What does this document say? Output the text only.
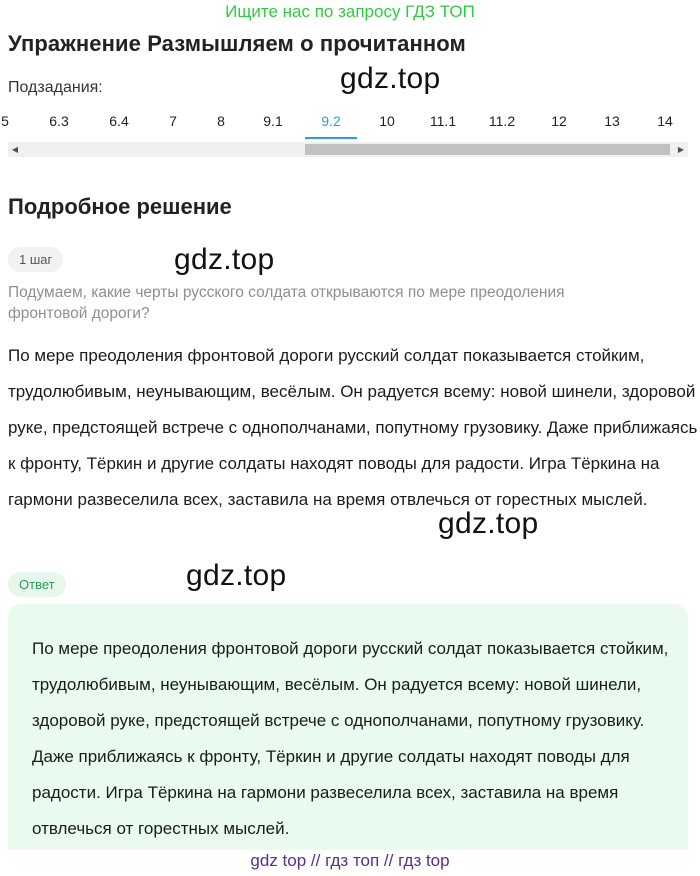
Ищите нас по запросу ГДЗ ТОП
Упражнение Размышляем о прочитанном
gdz.top
Подзадания:
5	6.3	6.4	7	8	9.1	9.2	10	11.1	11.2	12	13	14
◀	▶
Подробное решение
1 шаг	gdz.top
Подумаем, какие черты русского солдата открываются по мере преодоления фронтовой дороги?
По мере преодоления фронтовой дороги русский солдат показывается стойким, трудолюбивым, неунывающим, весёлым. Он радуется всему: новой шинели, здоровой руке, предстоящей встрече с однополчанами, попутному грузовику. Даже приближаясь к фронту, Тёркин и другие солдаты находят поводы для радости. Игра Тёркина на гармони развеселила всех, заставила на время отвлечься от горестных мыслей.
gdz.top
Ответ	gdz.top
По мере преодоления фронтовой дороги русский солдат показывается стойким, трудолюбивым, неунывающим, весёлым. Он радуется всему: новой шинели, здоровой руке, предстоящей встрече с однополчанами, попутному грузовику. Даже приближаясь к фронту, Тёркин и другие солдаты находят поводы для радости. Игра Тёркина на гармони развеселила всех, заставила на время отвлечься от горестных мыслей.
gdz top // гдз топ // гдз top
